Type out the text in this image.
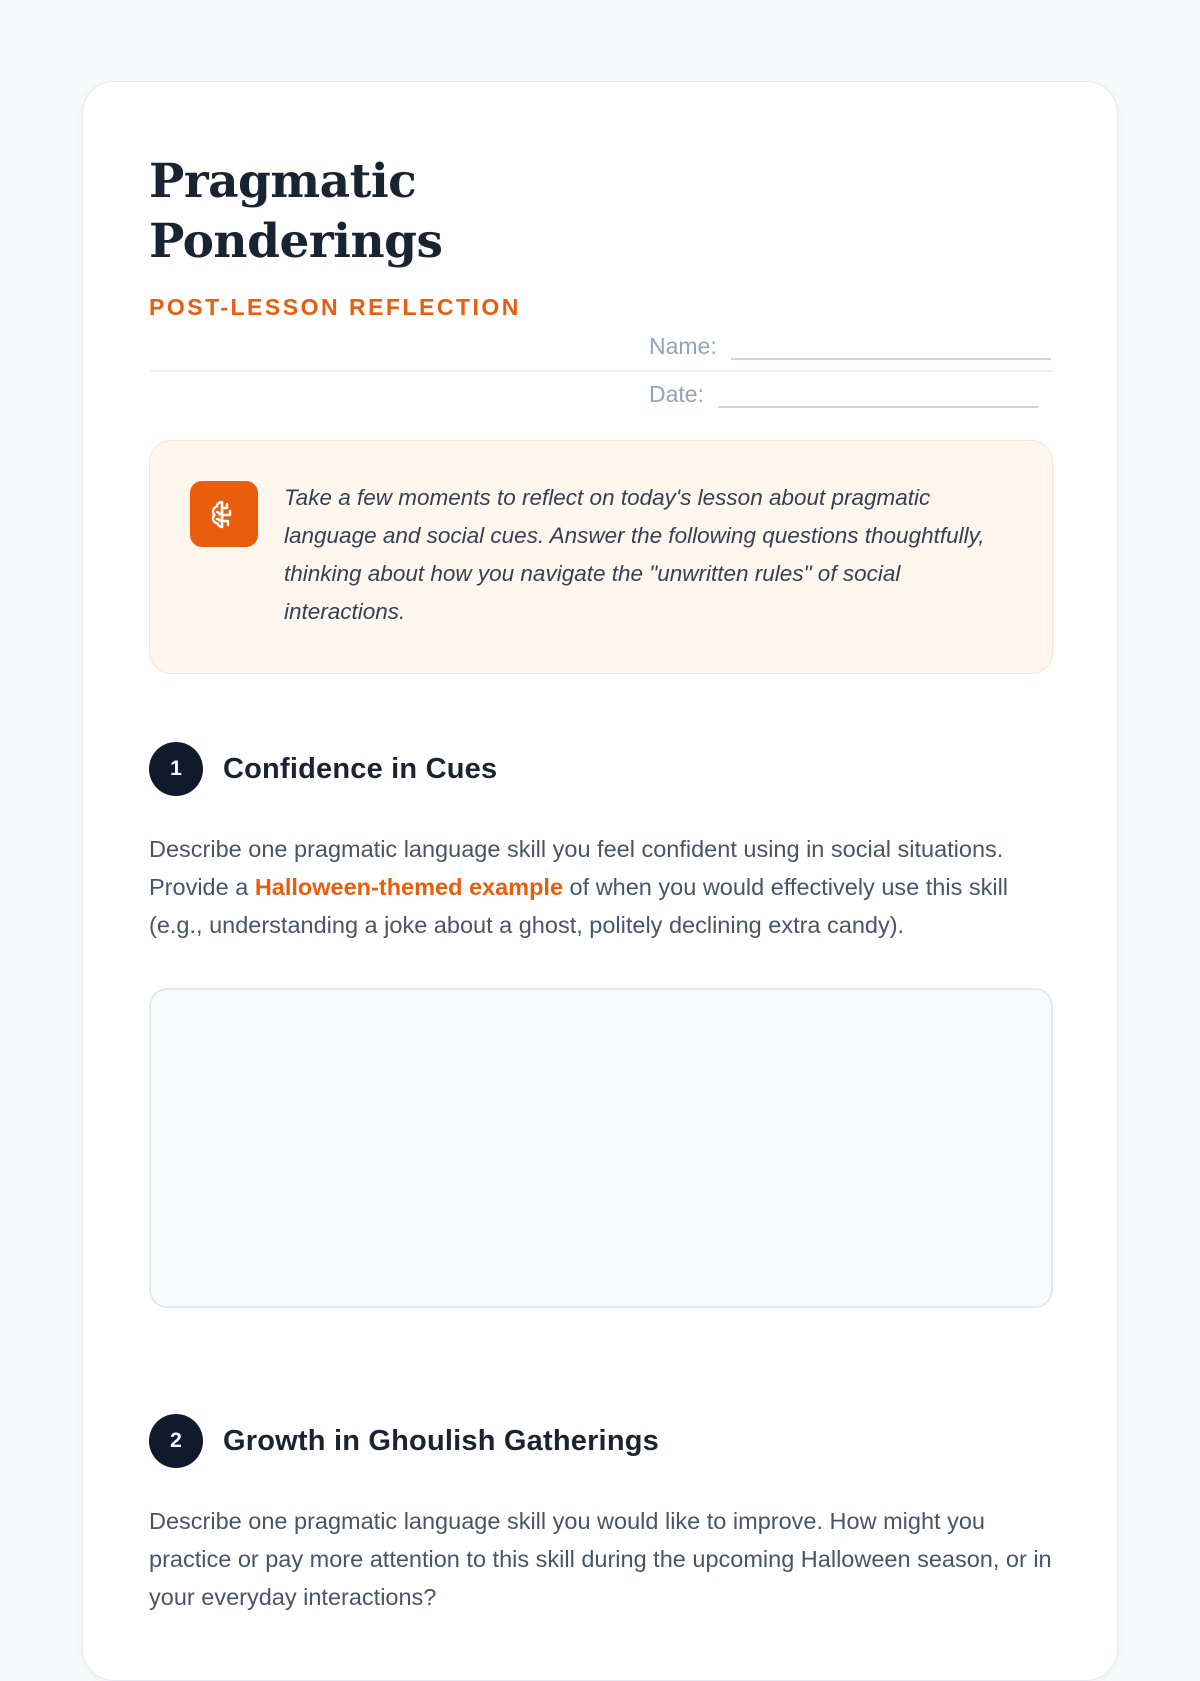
Pragmatic
Ponderings
POST-LESSON REFLECTION
Name:
Date:

Take a few moments to reflect on today's lesson about pragmatic language and social cues. Answer the following questions thoughtfully, thinking about how you navigate the "unwritten rules" of social interactions.

1	Confidence in Cues

Describe one pragmatic language skill you feel confident using in social situations. Provide a Halloween-themed example of when you would effectively use this skill (e.g., understanding a joke about a ghost, politely declining extra candy).

2	Growth in Ghoulish Gatherings

Describe one pragmatic language skill you would like to improve. How might you practice or pay more attention to this skill during the upcoming Halloween season, or in your everyday interactions?
